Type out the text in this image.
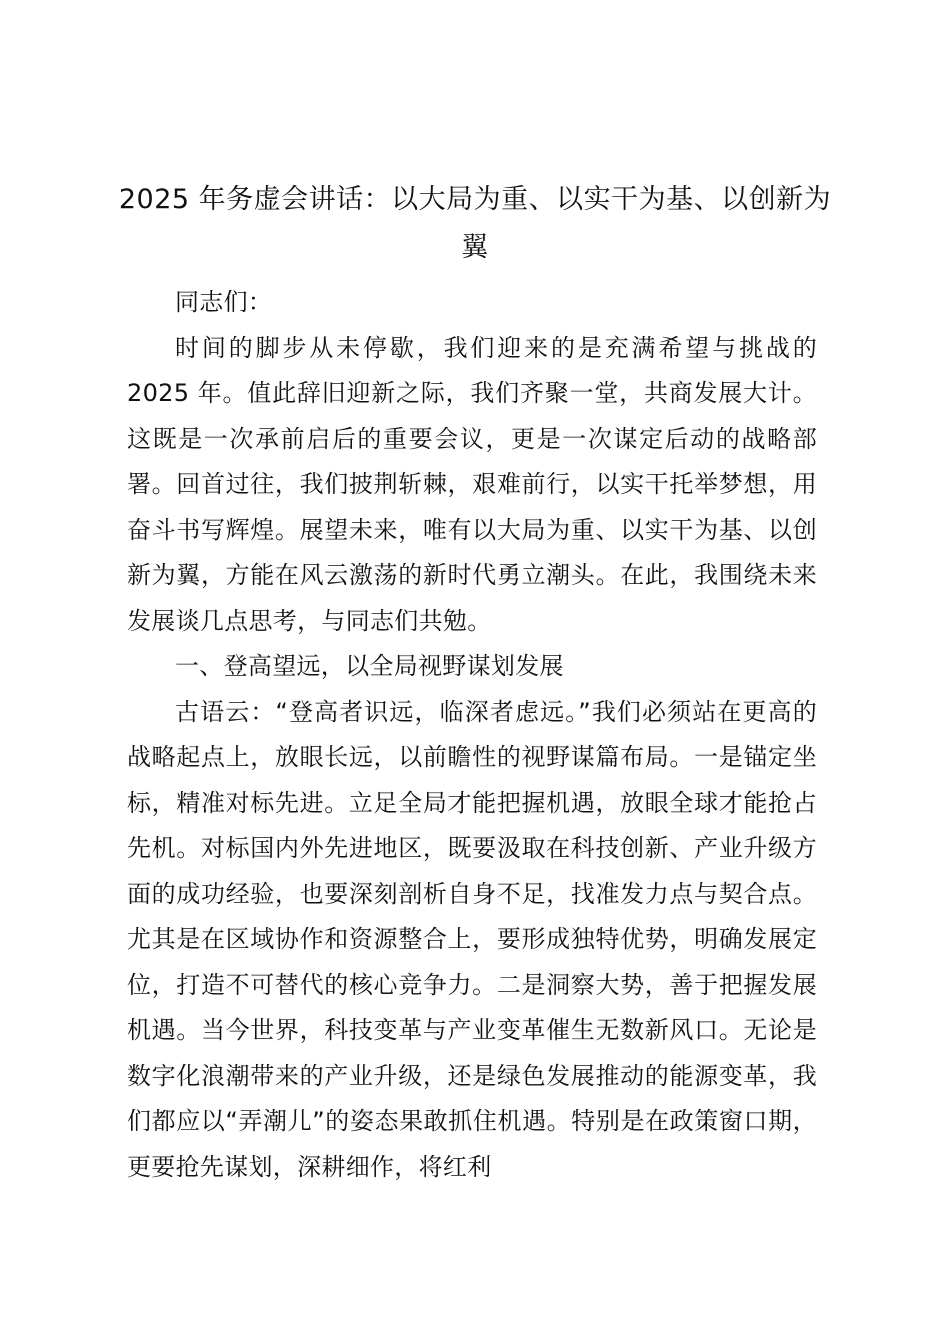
2025 年务虚会讲话：以大局为重、以实干为基、以创新为翼

同志们：

时间的脚步从未停歇，我们迎来的是充满希望与挑战的 2025 年。值此辞旧迎新之际，我们齐聚一堂，共商发展大计。这既是一次承前启后的重要会议，更是一次谋定后动的战略部署。回首过往，我们披荆斩棘，艰难前行，以实干托举梦想，用奋斗书写辉煌。展望未来，唯有以大局为重、以实干为基、以创新为翼，方能在风云激荡的新时代勇立潮头。在此，我围绕未来发展谈几点思考，与同志们共勉。

一、登高望远，以全局视野谋划发展

古语云：“登高者识远，临深者虑远。”我们必须站在更高的战略起点上，放眼长远，以前瞻性的视野谋篇布局。一是锚定坐标，精准对标先进。立足全局才能把握机遇，放眼全球才能抢占先机。对标国内外先进地区，既要汲取在科技创新、产业升级方面的成功经验，也要深刻剖析自身不足，找准发力点与契合点。尤其是在区域协作和资源整合上，要形成独特优势，明确发展定位，打造不可替代的核心竞争力。二是洞察大势，善于把握发展机遇。当今世界，科技变革与产业变革催生无数新风口。无论是数字化浪潮带来的产业升级，还是绿色发展推动的能源变革，我们都应以“弄潮儿”的姿态果敢抓住机遇。特别是在政策窗口期，更要抢先谋划，深耕细作，将红利
